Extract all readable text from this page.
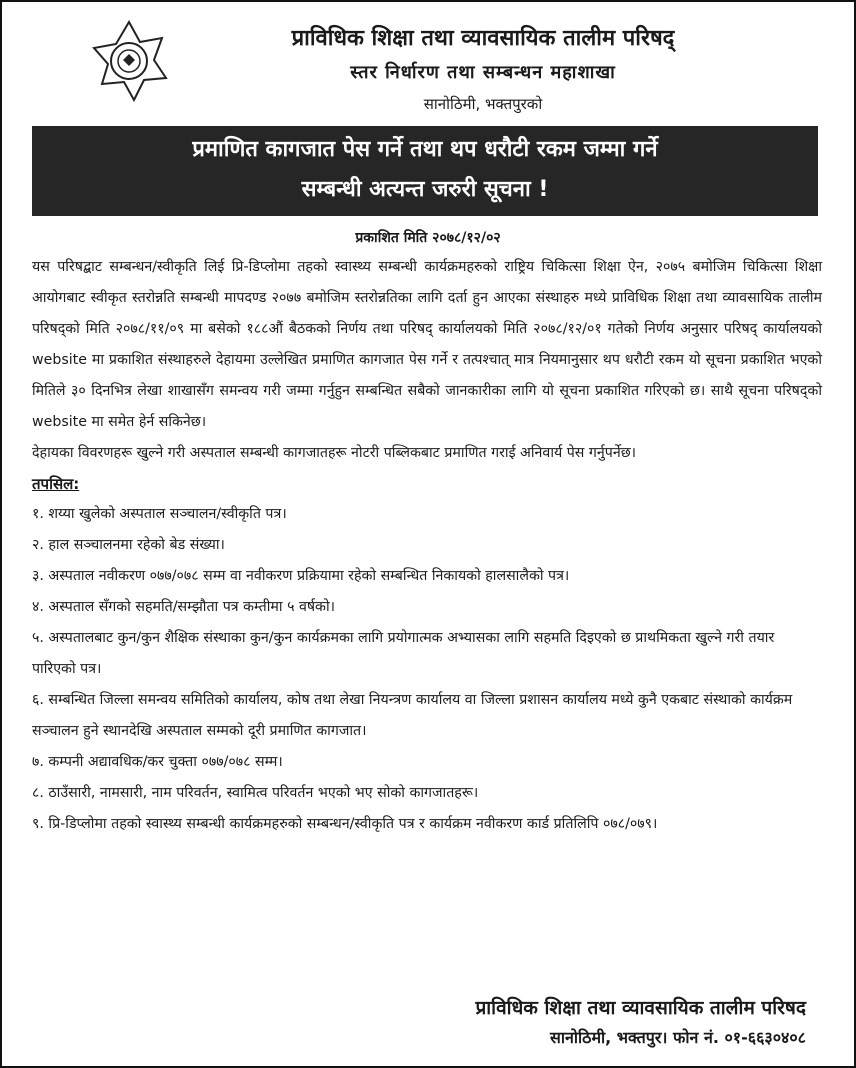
प्राविधिक शिक्षा तथा व्यावसायिक तालीम परिषद्
स्तर निर्धारण तथा सम्बन्धन महाशाखा
सानोठिमी, भक्तपुरको
प्रमाणित कागजात पेस गर्ने तथा थप धरौटी रकम जम्मा गर्ने
सम्बन्धी अत्यन्त जरुरी सूचना !
प्रकाशित मिति २०७८/१२/०२
यस परिषद्बाट सम्बन्धन/स्वीकृति लिई प्रि-डिप्लोमा तहको स्वास्थ्य सम्बन्धी कार्यक्रमहरुको राष्ट्रिय चिकित्सा शिक्षा ऐन, २०७५ बमोजिम चिकित्सा शिक्षा आयोगबाट स्वीकृत स्तरोन्नति सम्बन्धी मापदण्ड २०७७ बमोजिम स्तरोन्नतिका लागि दर्ता हुन आएका संस्थाहरु मध्ये प्राविधिक शिक्षा तथा व्यावसायिक तालीम परिषद्को मिति २०७८/११/०९ मा बसेको १८८औं बैठकको निर्णय तथा परिषद् कार्यालयको मिति २०७८/१२/०१ गतेको निर्णय अनुसार परिषद् कार्यालयको website मा प्रकाशित संस्थाहरुले देहायमा उल्लेखित प्रमाणित कागजात पेस गर्ने र तत्पश्चात् मात्र नियमानुसार थप धरौटी रकम यो सूचना प्रकाशित भएको मितिले ३० दिनभित्र लेखा शाखासँग समन्वय गरी जम्मा गर्नुहुन सम्बन्धित सबैको जानकारीका लागि यो सूचना प्रकाशित गरिएको छ। साथै सूचना परिषद्को website मा समेत हेर्न सकिनेछ।
देहायका विवरणहरू खुल्ने गरी अस्पताल सम्बन्धी कागजातहरू नोटरी पब्लिकबाट प्रमाणित गराई अनिवार्य पेस गर्नुपर्नेछ।
तपसिल:
१. शय्या खुलेको अस्पताल सञ्चालन/स्वीकृति पत्र।
२. हाल सञ्चालनमा रहेको बेड संख्या।
३. अस्पताल नवीकरण ०७७/०७८ सम्म वा नवीकरण प्रक्रियामा रहेको सम्बन्धित निकायको हालसालैको पत्र।
४. अस्पताल सँगको सहमति/सम्झौता पत्र कम्तीमा ५ वर्षको।
५. अस्पतालबाट कुन/कुन शैक्षिक संस्थाका कुन/कुन कार्यक्रमका लागि प्रयोगात्मक अभ्यासका लागि सहमति दिइएको छ प्राथमिकता खुल्ने गरी तयार पारिएको पत्र।
६. सम्बन्धित जिल्ला समन्वय समितिको कार्यालय, कोष तथा लेखा नियन्त्रण कार्यालय वा जिल्ला प्रशासन कार्यालय मध्ये कुनै एकबाट संस्थाको कार्यक्रम सञ्चालन हुने स्थानदेखि अस्पताल सम्मको दूरी प्रमाणित कागजात।
७. कम्पनी अद्यावधिक/कर चुक्ता ०७७/०७८ सम्म।
८. ठाउँसारी, नामसारी, नाम परिवर्तन, स्वामित्व परिवर्तन भएको भए सोको कागजातहरू।
९. प्रि-डिप्लोमा तहको स्वास्थ्य सम्बन्धी कार्यक्रमहरुको सम्बन्धन/स्वीकृति पत्र र कार्यक्रम नवीकरण कार्ड प्रतिलिपि ०७८/०७९।
प्राविधिक शिक्षा तथा व्यावसायिक तालीम परिषद
सानोठिमी, भक्तपुर। फोन नं. ०१-६६३०४०८
